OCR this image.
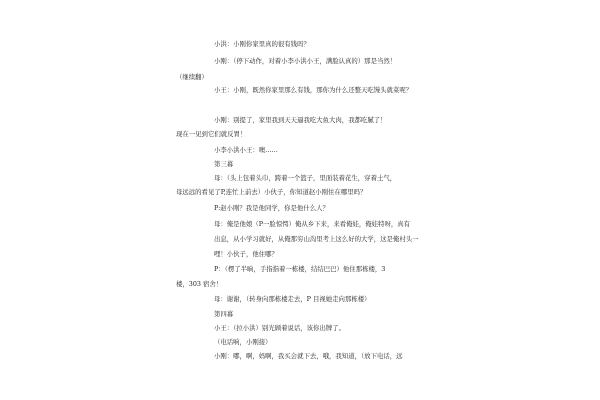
小洪：小刚你家里真的很有钱吗？
小刚：（停下动作，对着小李小洪小王，满脸认真的）那是当然！
（继续翻）
小王：小刚，既然你家里那么有钱，那你为什么还整天吃馒头就菜呢？
小刚：别提了，家里我到天天逼我吃大鱼大肉，我都吃腻了！
现在一见到它们就反胃！
小李小洪小王：噢……
第三幕
母：（头上包着头巾，跨着一个篮子，里面装着花生，穿着土气，
母远远的看见了P,连忙上前去）小伙子，你知道赵小刚住在哪里吗？
P:赵小刚？我是他同学，你是他什么人？
母：俺是他娘（P一脸惊愕）俺从乡下来，来看俺娃，俺娃特呀，真有
出息，从小学习就好，从俺那穷山沟里考上这么好的大学，这是俺村头一
哩！小伙子，他住哪？
P：（楞了半晌，手指指着一栋楼，结结巴巴）他住那栋楼，3
楼，303 宿舍！
母：谢谢，（转身向那栋楼走去，P 目视她走向那栋楼）
第四幕
小王：（拉小洪）别光顾着说话，该你出牌了。
（电话响，小刚接）
小刚：哪，啊，妈啊，我买会就下去，哦，我知道，（放下电话，远
